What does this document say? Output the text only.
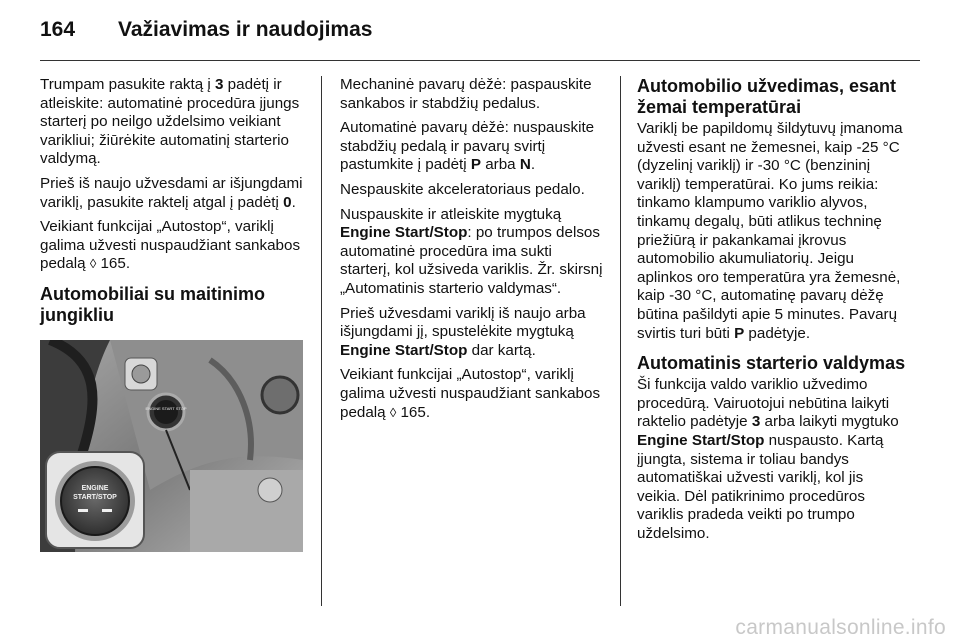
164	Važiavimas ir naudojimas

Trumpam pasukite raktą į 3 padėtį ir atleiskite: automatinė procedūra įjungs starterį po neilgo uždelsimo veikiant varikliui; žiūrėkite automatinį starterio valdymą.

Prieš iš naujo užvesdami ar išjungdami variklį, pasukite raktelį atgal į padėtį 0.

Veikiant funkcijai „Autostop“, variklį galima užvesti nuspaudžiant sankabos pedalą ◊ 165.

Automobiliai su maitinimo jungikliu
ENGINE START STOP
ENGINE
START/STOP

Mechaninė pavarų dėžė: paspauskite sankabos ir stabdžių pedalus.

Automatinė pavarų dėžė: nuspauskite stabdžių pedalą ir pavarų svirtį pastumkite į padėtį P arba N.

Nespauskite akceleratoriaus pedalo.

Nuspauskite ir atleiskite mygtuką Engine Start/Stop: po trumpos delsos automatinė procedūra ima sukti starterį, kol užsiveda variklis. Žr. skirsnį „Automatinis starterio valdymas“.

Prieš užvesdami variklį iš naujo arba išjungdami jį, spustelėkite mygtuką Engine Start/Stop dar kartą.

Veikiant funkcijai „Autostop“, variklį galima užvesti nuspaudžiant sankabos pedalą ◊ 165.

Automobilio užvedimas, esant žemai temperatūrai

Variklį be papildomų šildytuvų įmanoma užvesti esant ne žemesnei, kaip -25 °C (dyzelinį variklį) ir -30 °C (benzininį variklį) temperatūrai. Ko jums reikia: tinkamo klampumo variklio alyvos, tinkamų degalų, būti atlikus techninę priežiūrą ir pakankamai įkrovus automobilio akumuliatorių. Jeigu aplinkos oro temperatūra yra žemesnė, kaip -30 °C, automatinę pavarų dėžę būtina pašildyti apie 5 minutes. Pavarų svirtis turi būti P padėtyje.

Automatinis starterio valdymas

Ši funkcija valdo variklio užvedimo procedūrą. Vairuotojui nebūtina laikyti raktelio padėtyje 3 arba laikyti mygtuko Engine Start/Stop nuspausto. Kartą įjungta, sistema ir toliau bandys automatiškai užvesti variklį, kol jis veikia. Dėl patikrinimo procedūros variklis pradeda veikti po trumpo uždelsimo.

carmanualsonline.info
